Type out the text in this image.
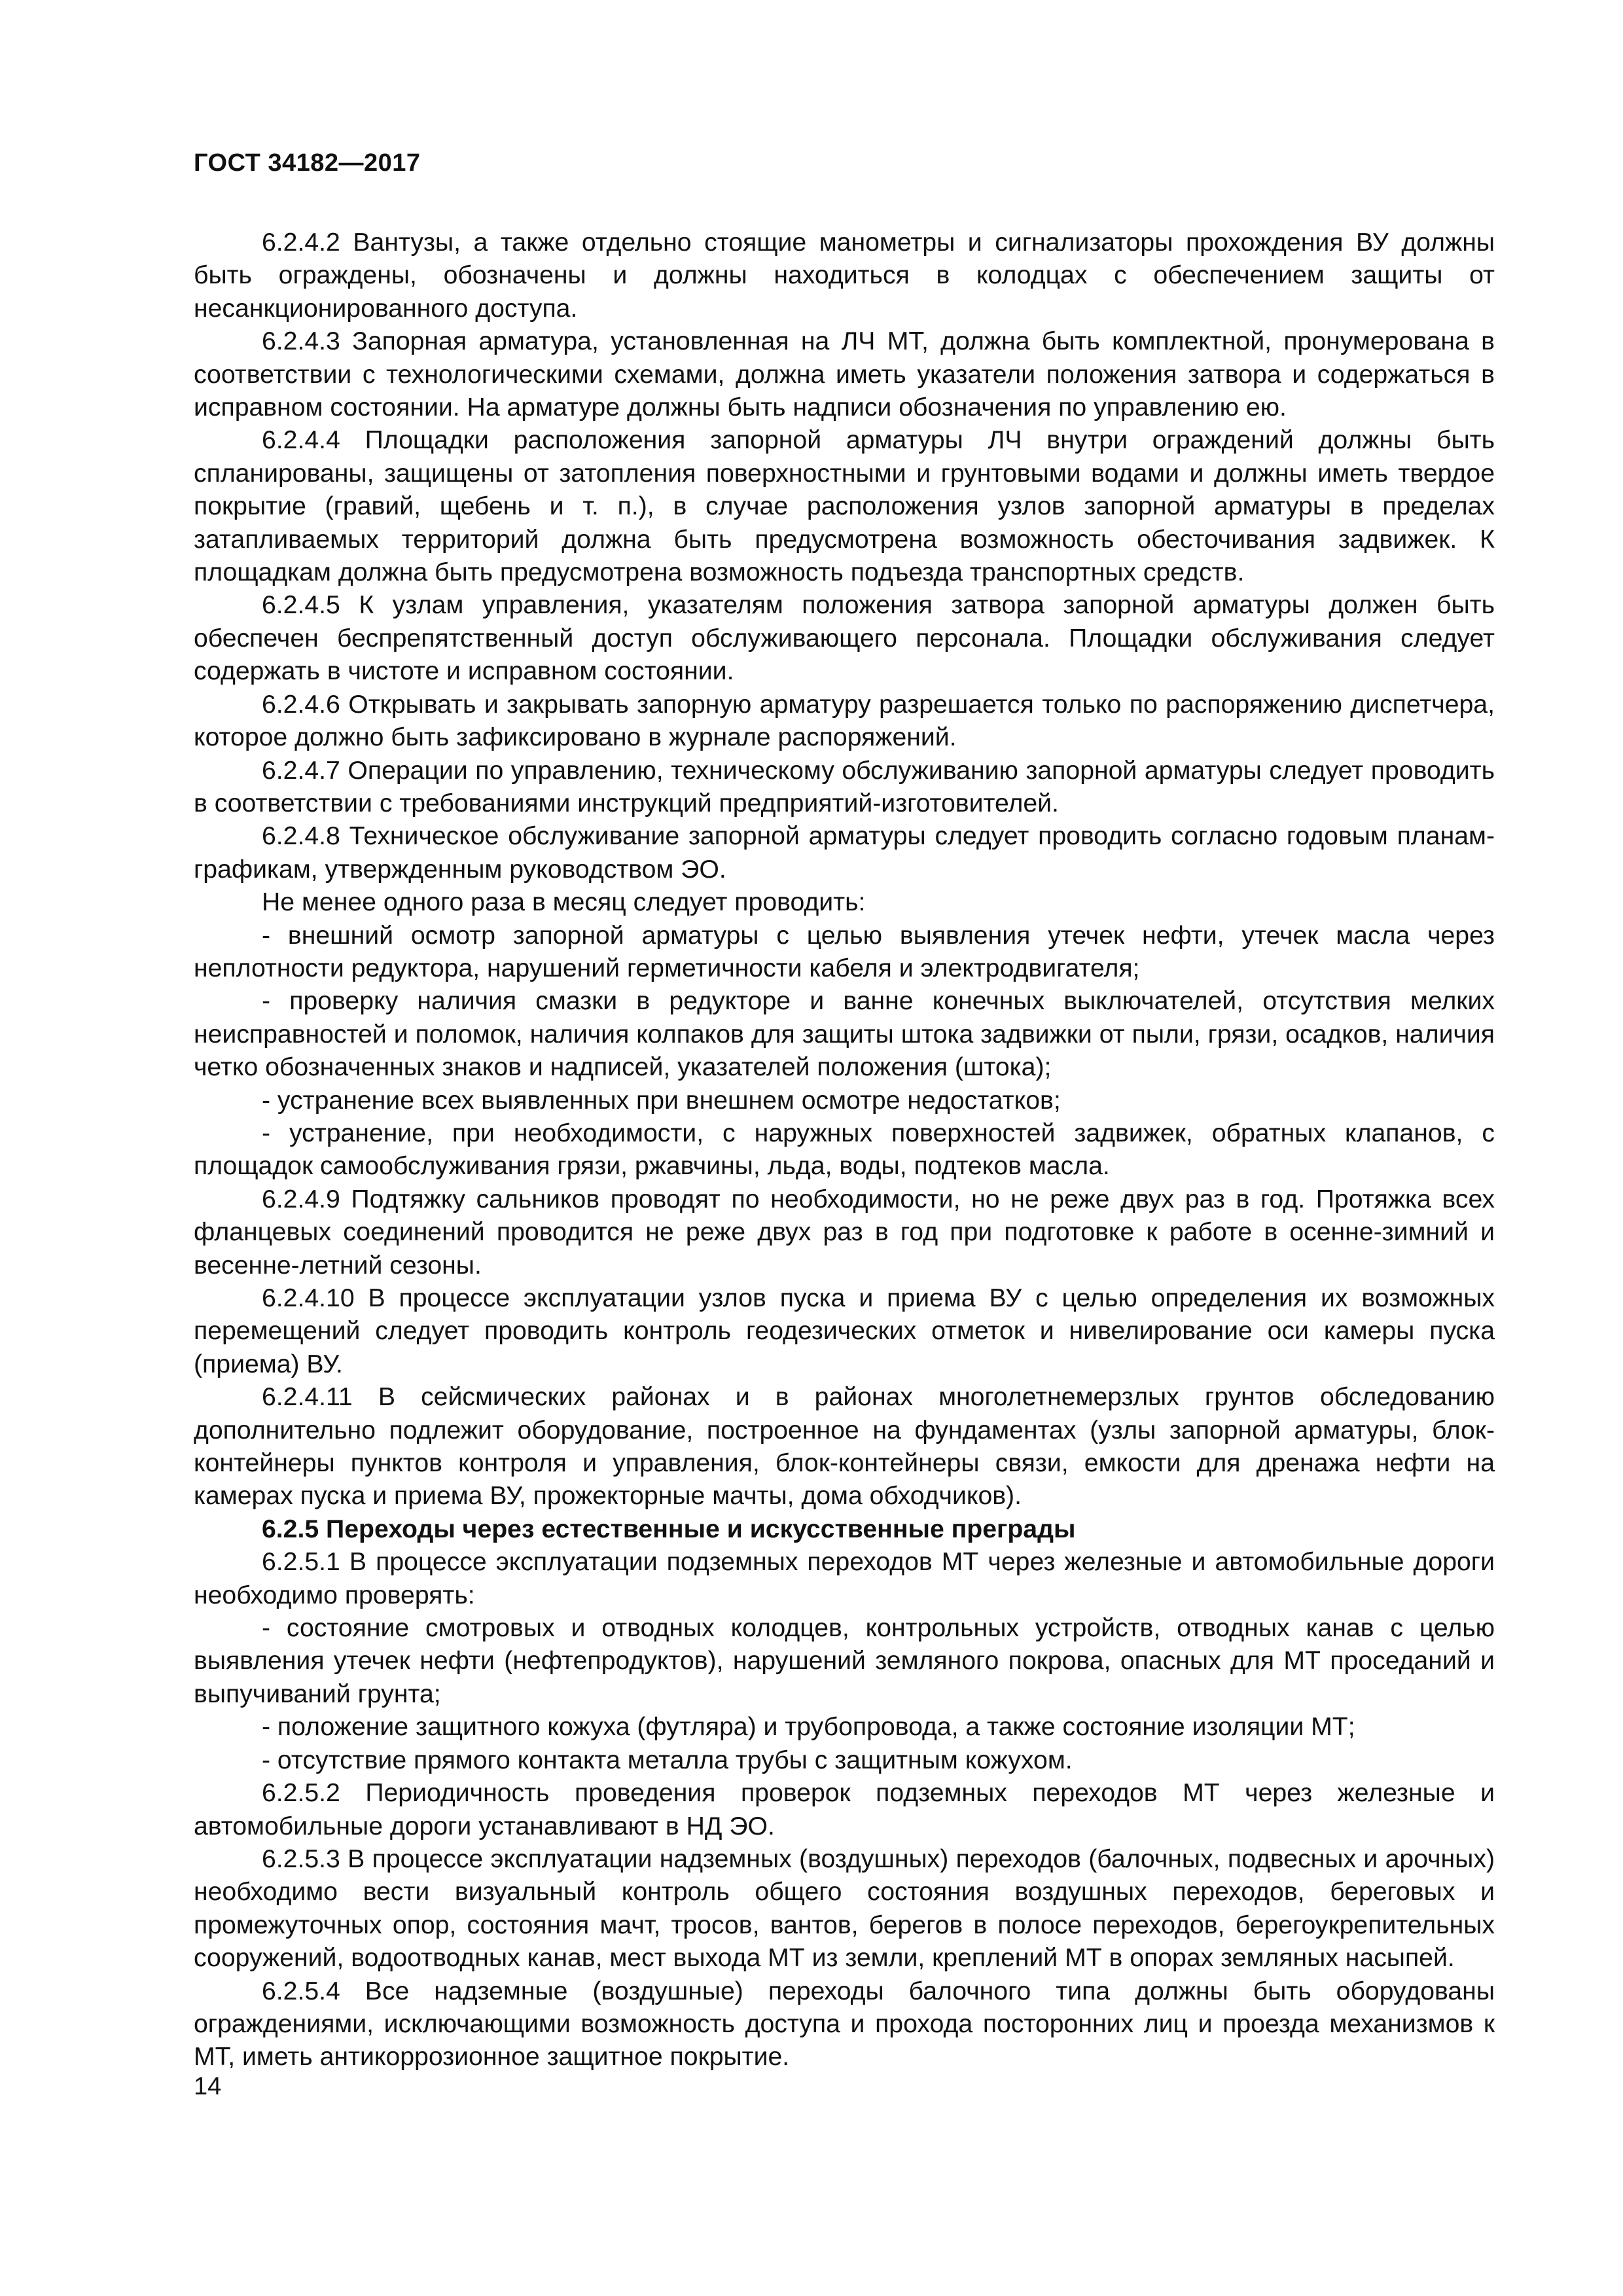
ГОСТ 34182—2017

6.2.4.2 Вантузы, а также отдельно стоящие манометры и сигнализаторы прохождения ВУ должны быть ограждены, обозначены и должны находиться в колодцах с обеспечением защиты от несанкционированного доступа.

6.2.4.3 Запорная арматура, установленная на ЛЧ МТ, должна быть комплектной, пронумерована в соответствии с технологическими схемами, должна иметь указатели положения затвора и содержаться в исправном состоянии. На арматуре должны быть надписи обозначения по управлению ею.

6.2.4.4 Площадки расположения запорной арматуры ЛЧ внутри ограждений должны быть спланированы, защищены от затопления поверхностными и грунтовыми водами и должны иметь твердое покрытие (гравий, щебень и т. п.), в случае расположения узлов запорной арматуры в пределах затапливаемых территорий должна быть предусмотрена возможность обесточивания задвижек. К площадкам должна быть предусмотрена возможность подъезда транспортных средств.

6.2.4.5 К узлам управления, указателям положения затвора запорной арматуры должен быть обеспечен беспрепятственный доступ обслуживающего персонала. Площадки обслуживания следует содержать в чистоте и исправном состоянии.

6.2.4.6 Открывать и закрывать запорную арматуру разрешается только по распоряжению диспетчера, которое должно быть зафиксировано в журнале распоряжений.

6.2.4.7 Операции по управлению, техническому обслуживанию запорной арматуры следует проводить в соответствии с требованиями инструкций предприятий-изготовителей.

6.2.4.8 Техническое обслуживание запорной арматуры следует проводить согласно годовым планам-графикам, утвержденным руководством ЭО.

Не менее одного раза в месяц следует проводить:

- внешний осмотр запорной арматуры с целью выявления утечек нефти, утечек масла через неплотности редуктора, нарушений герметичности кабеля и электродвигателя;

- проверку наличия смазки в редукторе и ванне конечных выключателей, отсутствия мелких неисправностей и поломок, наличия колпаков для защиты штока задвижки от пыли, грязи, осадков, наличия четко обозначенных знаков и надписей, указателей положения (штока);

- устранение всех выявленных при внешнем осмотре недостатков;

- устранение, при необходимости, с наружных поверхностей задвижек, обратных клапанов, с площадок самообслуживания грязи, ржавчины, льда, воды, подтеков масла.

6.2.4.9 Подтяжку сальников проводят по необходимости, но не реже двух раз в год. Протяжка всех фланцевых соединений проводится не реже двух раз в год при подготовке к работе в осенне-зимний и весенне-летний сезоны.

6.2.4.10 В процессе эксплуатации узлов пуска и приема ВУ с целью определения их возможных перемещений следует проводить контроль геодезических отметок и нивелирование оси камеры пуска (приема) ВУ.

6.2.4.11 В сейсмических районах и в районах многолетнемерзлых грунтов обследованию дополнительно подлежит оборудование, построенное на фундаментах (узлы запорной арматуры, блок-контейнеры пунктов контроля и управления, блок-контейнеры связи, емкости для дренажа нефти на камерах пуска и приема ВУ, прожекторные мачты, дома обходчиков).

6.2.5 Переходы через естественные и искусственные преграды

6.2.5.1 В процессе эксплуатации подземных переходов МТ через железные и автомобильные дороги необходимо проверять:

- состояние смотровых и отводных колодцев, контрольных устройств, отводных канав с целью выявления утечек нефти (нефтепродуктов), нарушений земляного покрова, опасных для МТ проседаний и выпучиваний грунта;

- положение защитного кожуха (футляра) и трубопровода, а также состояние изоляции МТ;

- отсутствие прямого контакта металла трубы с защитным кожухом.

6.2.5.2 Периодичность проведения проверок подземных переходов МТ через железные и автомобильные дороги устанавливают в НД ЭО.

6.2.5.3 В процессе эксплуатации надземных (воздушных) переходов (балочных, подвесных и арочных) необходимо вести визуальный контроль общего состояния воздушных переходов, береговых и промежуточных опор, состояния мачт, тросов, вантов, берегов в полосе переходов, берегоукрепительных сооружений, водоотводных канав, мест выхода МТ из земли, креплений МТ в опорах земляных насыпей.

6.2.5.4 Все надземные (воздушные) переходы балочного типа должны быть оборудованы ограждениями, исключающими возможность доступа и прохода посторонних лиц и проезда механизмов к МТ, иметь антикоррозионное защитное покрытие.

14
